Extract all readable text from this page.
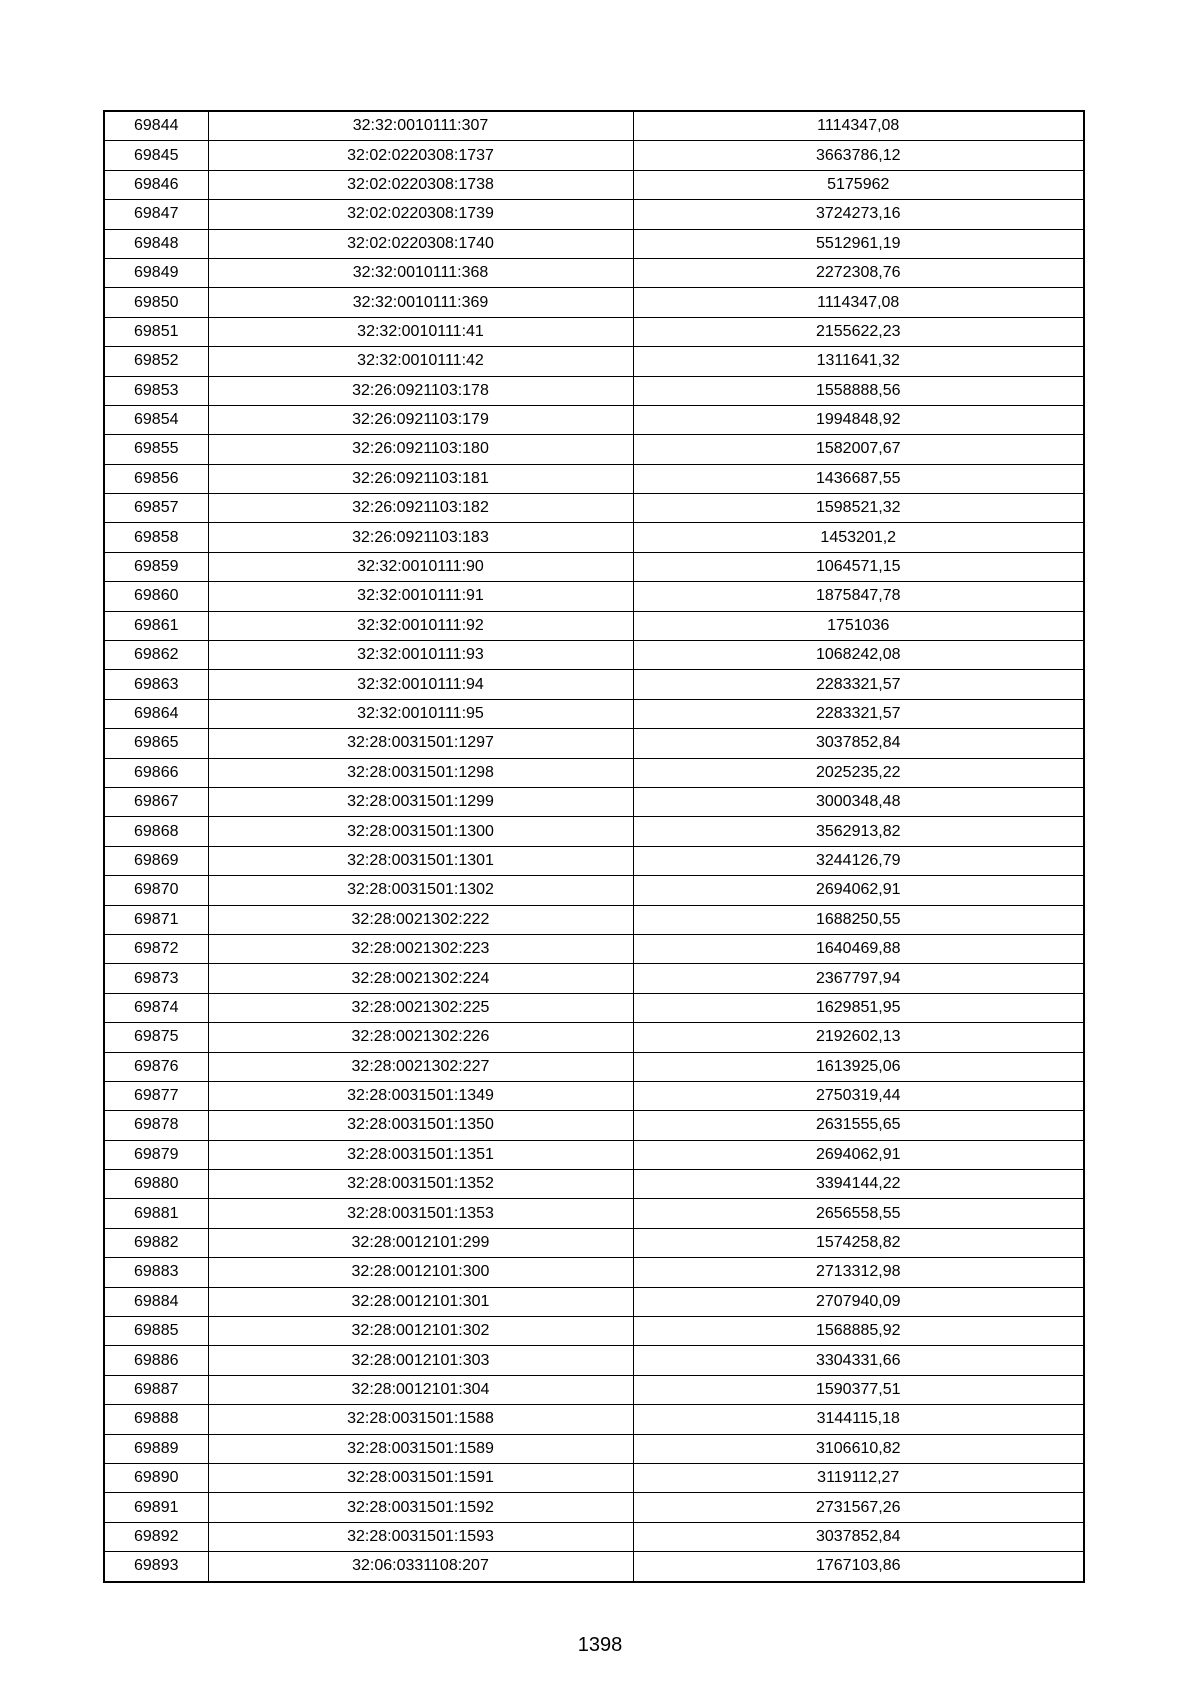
69844	32:32:0010111:307	1114347,08
69845	32:02:0220308:1737	3663786,12
69846	32:02:0220308:1738	5175962
69847	32:02:0220308:1739	3724273,16
69848	32:02:0220308:1740	5512961,19
69849	32:32:0010111:368	2272308,76
69850	32:32:0010111:369	1114347,08
69851	32:32:0010111:41	2155622,23
69852	32:32:0010111:42	1311641,32
69853	32:26:0921103:178	1558888,56
69854	32:26:0921103:179	1994848,92
69855	32:26:0921103:180	1582007,67
69856	32:26:0921103:181	1436687,55
69857	32:26:0921103:182	1598521,32
69858	32:26:0921103:183	1453201,2
69859	32:32:0010111:90	1064571,15
69860	32:32:0010111:91	1875847,78
69861	32:32:0010111:92	1751036
69862	32:32:0010111:93	1068242,08
69863	32:32:0010111:94	2283321,57
69864	32:32:0010111:95	2283321,57
69865	32:28:0031501:1297	3037852,84
69866	32:28:0031501:1298	2025235,22
69867	32:28:0031501:1299	3000348,48
69868	32:28:0031501:1300	3562913,82
69869	32:28:0031501:1301	3244126,79
69870	32:28:0031501:1302	2694062,91
69871	32:28:0021302:222	1688250,55
69872	32:28:0021302:223	1640469,88
69873	32:28:0021302:224	2367797,94
69874	32:28:0021302:225	1629851,95
69875	32:28:0021302:226	2192602,13
69876	32:28:0021302:227	1613925,06
69877	32:28:0031501:1349	2750319,44
69878	32:28:0031501:1350	2631555,65
69879	32:28:0031501:1351	2694062,91
69880	32:28:0031501:1352	3394144,22
69881	32:28:0031501:1353	2656558,55
69882	32:28:0012101:299	1574258,82
69883	32:28:0012101:300	2713312,98
69884	32:28:0012101:301	2707940,09
69885	32:28:0012101:302	1568885,92
69886	32:28:0012101:303	3304331,66
69887	32:28:0012101:304	1590377,51
69888	32:28:0031501:1588	3144115,18
69889	32:28:0031501:1589	3106610,82
69890	32:28:0031501:1591	3119112,27
69891	32:28:0031501:1592	2731567,26
69892	32:28:0031501:1593	3037852,84
69893	32:06:0331108:207	1767103,86
1398
